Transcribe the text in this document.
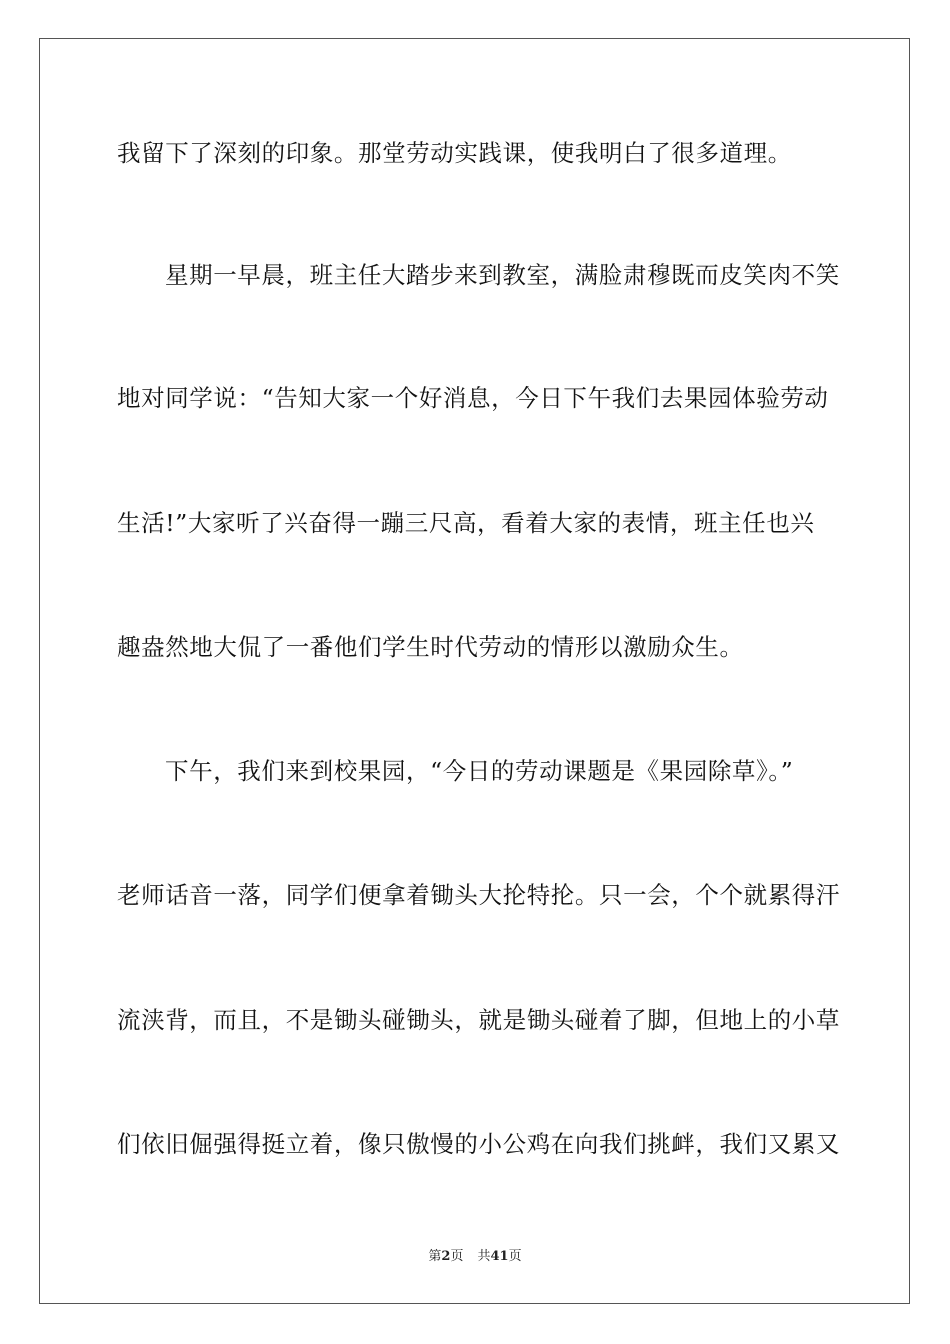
我留下了深刻的印象。那堂劳动实践课，使我明白了很多道理。
星期一早晨，班主任大踏步来到教室，满脸肃穆既而皮笑肉不笑
地对同学说：“告知大家一个好消息，今日下午我们去果园体验劳动
生活!”大家听了兴奋得一蹦三尺高，看着大家的表情，班主任也兴
趣盎然地大侃了一番他们学生时代劳动的情形以激励众生。
下午，我们来到校果园，“今日的劳动课题是《果园除草》。”
老师话音一落，同学们便拿着锄头大抡特抡。只一会，个个就累得汗
流浃背，而且，不是锄头碰锄头，就是锄头碰着了脚，但地上的小草
们依旧倔强得挺立着，像只傲慢的小公鸡在向我们挑衅，我们又累又
第2页 共41页
